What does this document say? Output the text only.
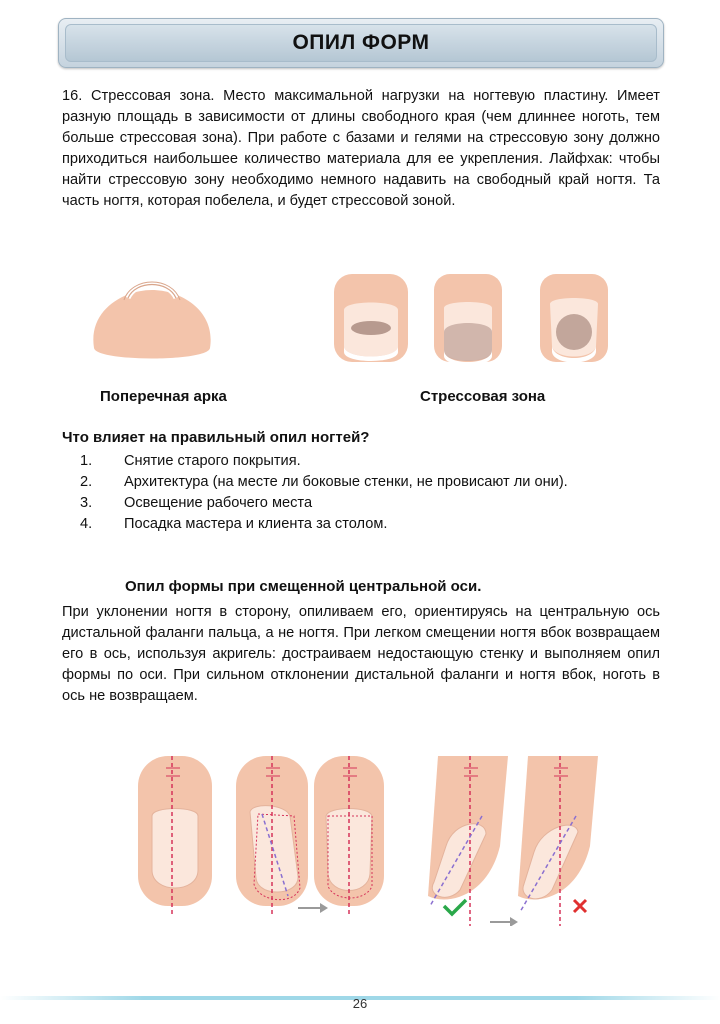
ОПИЛ ФОРМ

16. Стрессовая зона. Место максимальной нагрузки на ногтевую пластину. Имеет разную площадь в зависимости от длины свободного края (чем длиннее ноготь, тем больше стрессовая зона). При работе с базами и гелями на стрессовую зону должно приходиться наибольшее количество материала для ее укрепления. Лайфхак: чтобы найти стрессовую зону необходимо немного надавить на свободный край ногтя. Та часть ногтя, которая побелела, и будет стрессовой зоной.

Поперечная арка	Стрессовая зона
Что влияет на правильный опил ногтей?
1.	Снятие старого покрытия.
2.	Архитектура (на месте ли боковые стенки, не провисают ли они).
3.	Освещение рабочего места
4.	Посадка мастера и клиента за столом.
Опил формы при смещенной центральной оси.

При уклонении ногтя в сторону, опиливаем его, ориентируясь на центральную ось дистальной фаланги пальца, а не ногтя. При легком смещении ногтя вбок возвращаем его в ось, используя акригель: достраиваем недостающую стенку и выполняем опил формы по оси. При сильном отклонении дистальной фаланги и ногтя вбок, ноготь в ось не возвращаем.

26
